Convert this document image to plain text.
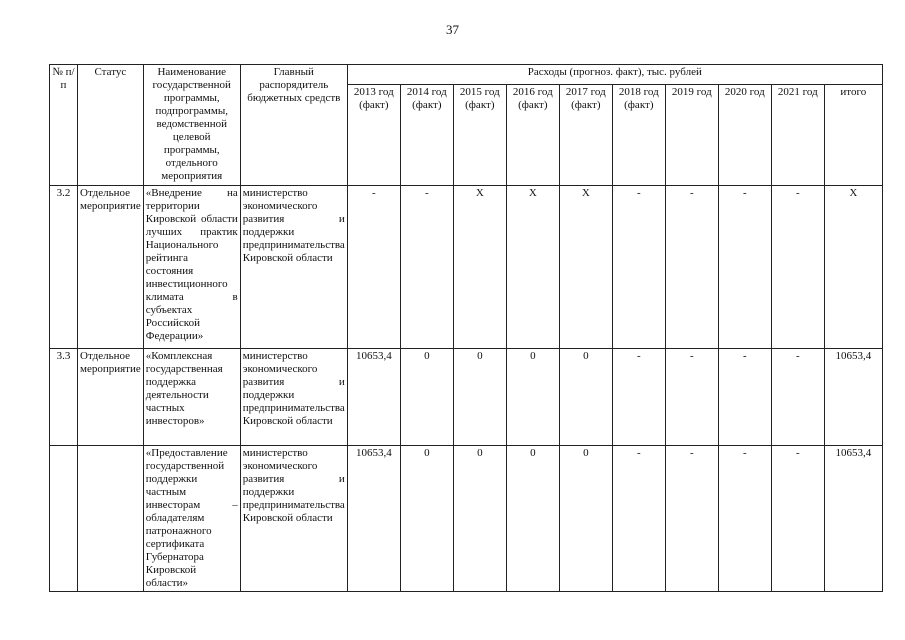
37
№ п/п	Статус	Наименование государственной программы, подпрограммы, ведомственной целевой программы, отдельного мероприятия	Главный распорядитель бюджетных средств	Расходы (прогноз. факт), тыс. рублей									
				2013 год (факт)	2014 год (факт)	2015 год (факт)	2016 год (факт)	2017 год (факт)	2018 год (факт)	2019 год	2020 год	2021 год	итого
3.2	Отдельное мероприятие	«Внедрение на территории Кировской области лучших практик Национального рейтинга состояния инвестиционного климата в субъектах Российской Федерации»	министерство экономического развития и поддержки предпринимательства Кировской области	-	-	X	X	X	-	-	-	-	X
3.3	Отдельное мероприятие	«Комплексная государственная поддержка деятельности частных инвесторов»	министерство экономического развития и поддержки предпринимательства Кировской области	10653,4	0	0	0	0	-	-	-	-	10653,4
		«Предоставление государственной поддержки частным инвесторам – обладателям патронажного сертификата Губернатора Кировской области»	министерство экономического развития и поддержки предпринимательства Кировской области	10653,4	0	0	0	0	-	-	-	-	10653,4
